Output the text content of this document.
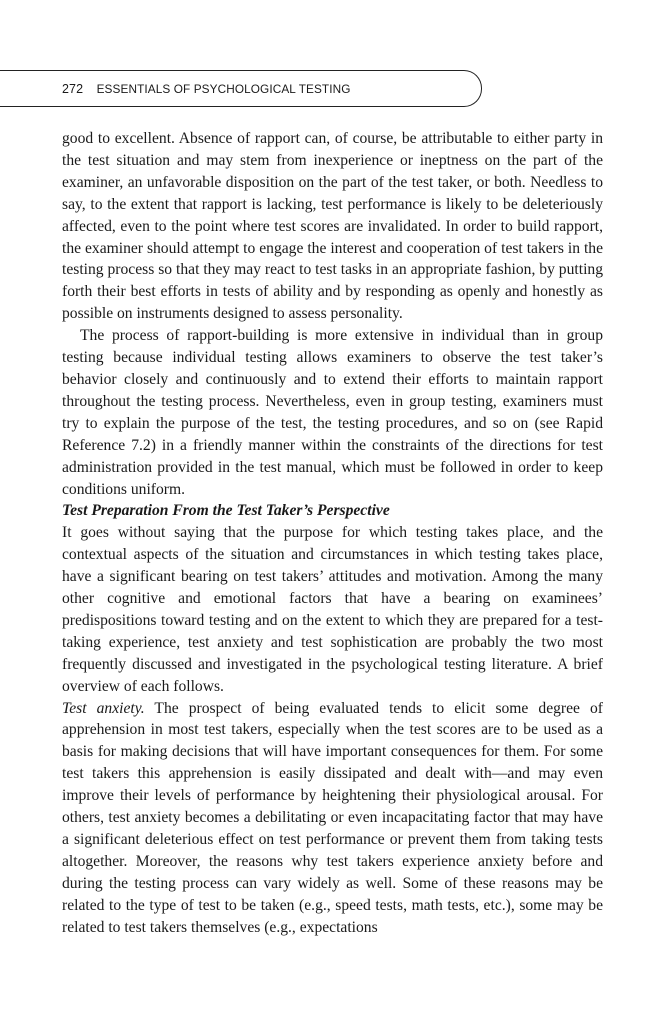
272 ESSENTIALS OF PSYCHOLOGICAL TESTING

good to excellent. Absence of rapport can, of course, be attributable to either party in the test situation and may stem from inexperience or ineptness on the part of the examiner, an unfavorable disposition on the part of the test taker, or both. Needless to say, to the extent that rapport is lacking, test performance is likely to be deleteriously affected, even to the point where test scores are invalidated. In order to build rapport, the examiner should attempt to engage the interest and cooperation of test takers in the testing process so that they may react to test tasks in an appropriate fashion, by putting forth their best efforts in tests of ability and by responding as openly and honestly as possible on instruments designed to assess personality.

The process of rapport-building is more extensive in individual than in group testing because individual testing allows examiners to observe the test taker’s behavior closely and continuously and to extend their efforts to maintain rapport throughout the testing process. Nevertheless, even in group testing, examiners must try to explain the purpose of the test, the testing procedures, and so on (see Rapid Reference 7.2) in a friendly manner within the constraints of the directions for test administration provided in the test manual, which must be followed in order to keep conditions uniform.

Test Preparation From the Test Taker’s Perspective

It goes without saying that the purpose for which testing takes place, and the contextual aspects of the situation and circumstances in which testing takes place, have a significant bearing on test takers’ attitudes and motivation. Among the many other cognitive and emotional factors that have a bearing on examinees’ predispositions toward testing and on the extent to which they are prepared for a test-taking experience, test anxiety and test sophistication are probably the two most frequently discussed and investigated in the psychological testing literature. A brief overview of each follows.

Test anxiety. The prospect of being evaluated tends to elicit some degree of apprehension in most test takers, especially when the test scores are to be used as a basis for making decisions that will have important consequences for them. For some test takers this apprehension is easily dissipated and dealt with—and may even improve their levels of performance by heightening their physiological arousal. For others, test anxiety becomes a debilitating or even incapacitating factor that may have a significant deleterious effect on test performance or prevent them from taking tests altogether. Moreover, the reasons why test takers experience anxiety before and during the testing process can vary widely as well. Some of these reasons may be related to the type of test to be taken (e.g., speed tests, math tests, etc.), some may be related to test takers themselves (e.g., expectations
